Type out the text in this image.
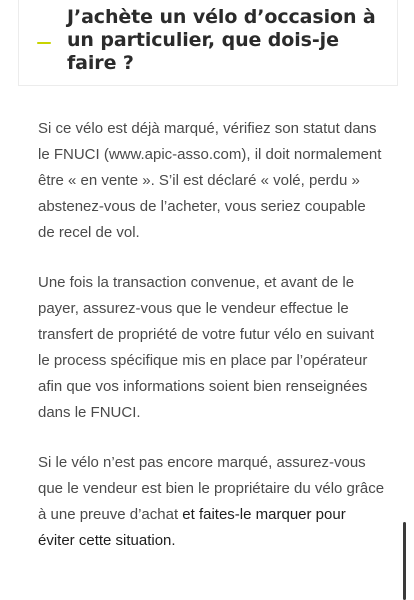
J’achète un vélo d’occasion à un particulier, que dois-je faire ?

Si ce vélo est déjà marqué, vérifiez son statut dans le FNUCI (www.apic-asso.com), il doit normalement être « en vente ». S’il est déclaré « volé, perdu » abstenez-vous de l’acheter, vous seriez coupable de recel de vol.

Une fois la transaction convenue, et avant de le payer, assurez-vous que le vendeur effectue le transfert de propriété de votre futur vélo en suivant le process spécifique mis en place par l’opérateur afin que vos informations soient bien renseignées dans le FNUCI.

Si le vélo n’est pas encore marqué, assurez-vous que le vendeur est bien le propriétaire du vélo grâce à une preuve d’achat et faites-le marquer pour éviter cette situation.
